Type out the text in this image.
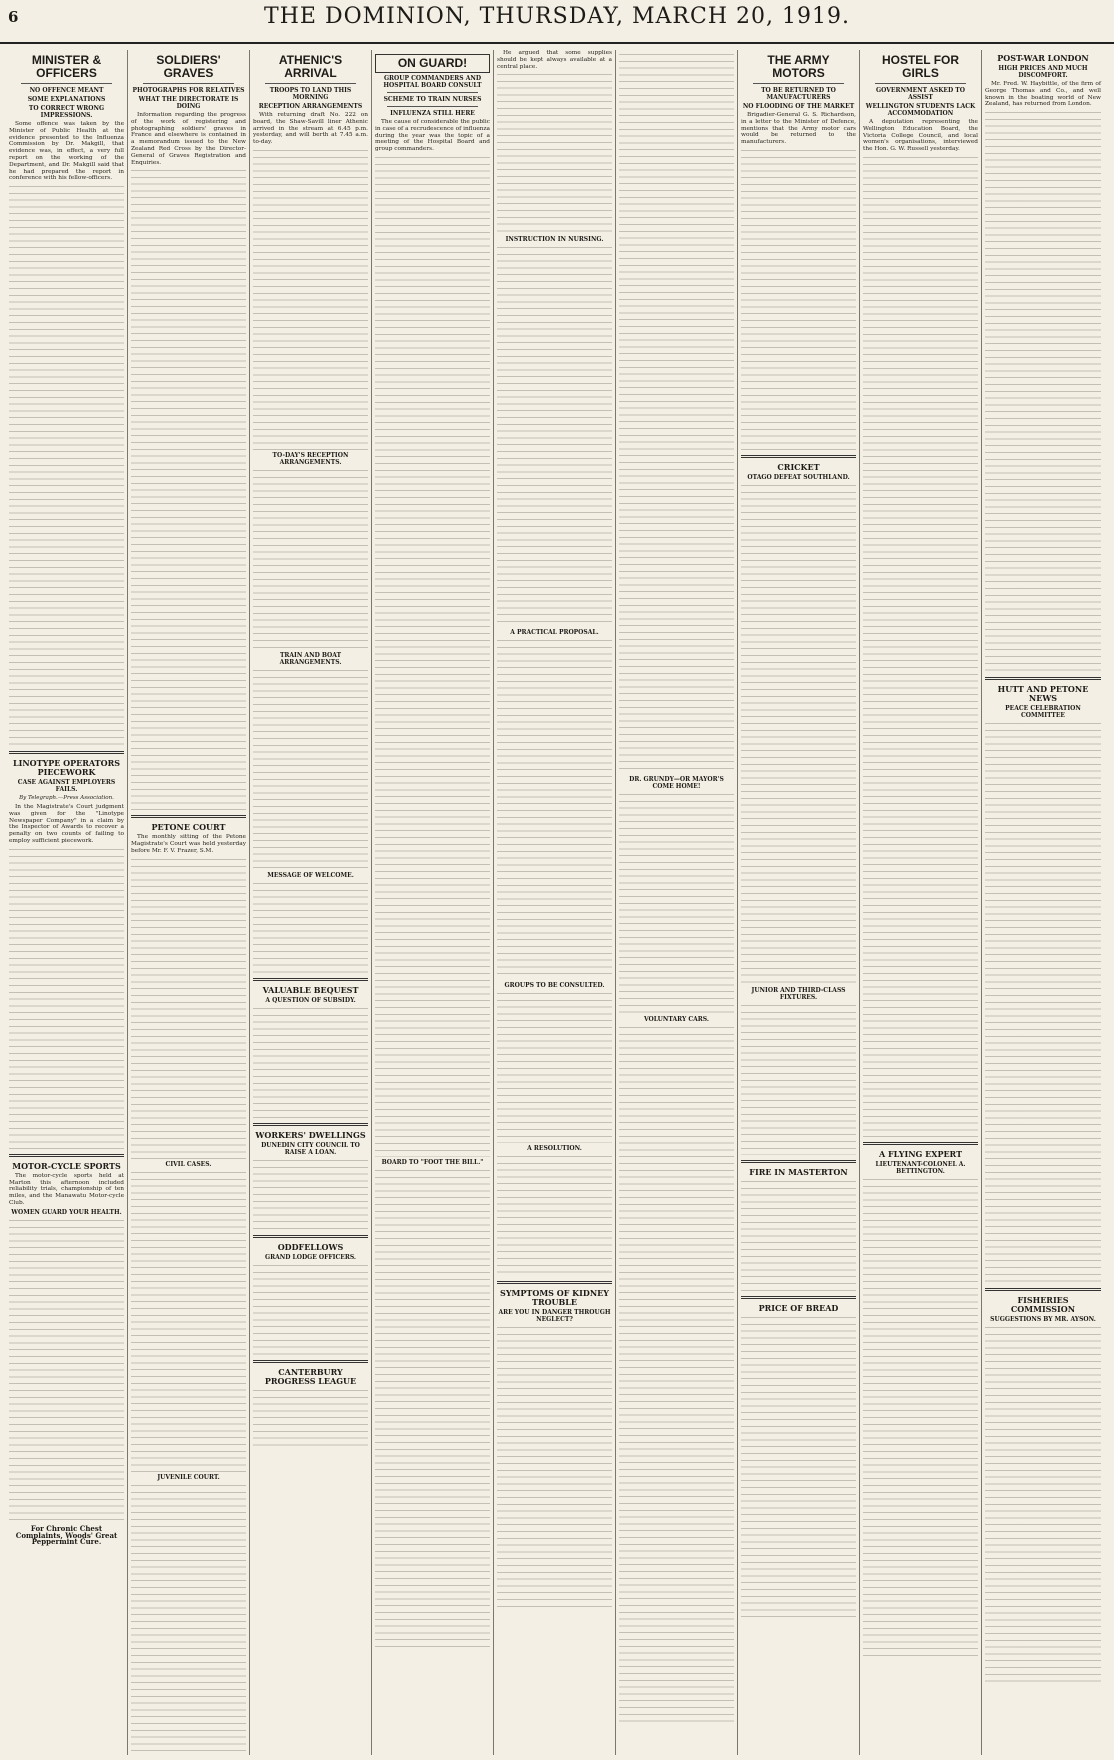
6	THE DOMINION, THURSDAY, MARCH 20, 1919.
MINISTER & OFFICERS
NO OFFENCE MEANT
SOME EXPLANATIONS
TO CORRECT WRONG IMPRESSIONS.
Some offence was taken by the Minister of Public Health at the evidence presented to the Influenza Commission by Dr. Makgill, that evidence was, in effect, a very full report on the working of the Department, and Dr. Makgill said that he had prepared the report in conference with his fellow-officers.
LINOTYPE OPERATORS PIECEWORK
CASE AGAINST EMPLOYERS FAILS.
By Telegraph.—Press Association.
In the Magistrate's Court judgment was given for the "Linotype Newspaper Company" in a claim by the Inspector of Awards to recover a penalty on two counts of failing to employ sufficient piecework.
MOTOR-CYCLE SPORTS
The motor-cycle sports held at Marton this afternoon included reliability trials, championship of ten miles, and the Manawatu Motor-cycle Club.
WOMEN GUARD YOUR HEALTH.
For Chronic Chest Complaints, Woods' Great Peppermint Cure.
SOLDIERS' GRAVES
PHOTOGRAPHS FOR RELATIVES
WHAT THE DIRECTORATE IS DOING
Information regarding the progress of the work of registering and photographing soldiers' graves in France and elsewhere is contained in a memorandum issued to the New Zealand Red Cross by the Director-General of Graves Registration and Enquiries.
PETONE COURT
The monthly sitting of the Petone Magistrate's Court was held yesterday before Mr. F. V. Frazer, S.M.
CIVIL CASES.
JUVENILE COURT.
ATHENIC'S ARRIVAL
TROOPS TO LAND THIS MORNING
RECEPTION ARRANGEMENTS
With returning draft No. 222 on board, the Shaw-Savill liner Athenic arrived in the stream at 6.45 p.m. yesterday, and will berth at 7.45 a.m. to-day.
TO-DAY'S RECEPTION ARRANGEMENTS.
TRAIN AND BOAT ARRANGEMENTS.
MESSAGE OF WELCOME.
VALUABLE BEQUEST
A QUESTION OF SUBSIDY.
WORKERS' DWELLINGS
DUNEDIN CITY COUNCIL TO RAISE A LOAN.
ODDFELLOWS
GRAND LODGE OFFICERS.
CANTERBURY PROGRESS LEAGUE
ON GUARD!
GROUP COMMANDERS AND HOSPITAL BOARD CONSULT
SCHEME TO TRAIN NURSES
INFLUENZA STILL HERE
The cause of considerable the public in case of a recrudescence of influenza during the year was the topic of a meeting of the Hospital Board and group commanders.
BOARD TO "FOOT THE BILL."
He argued that some supplies should be kept always available at a central place.
INSTRUCTION IN NURSING.
A PRACTICAL PROPOSAL.
GROUPS TO BE CONSULTED.
A RESOLUTION.
SYMPTOMS OF KIDNEY TROUBLE
ARE YOU IN DANGER THROUGH NEGLECT?
DR. GRUNDY—OR MAYOR'S COME HOME!
VOLUNTARY CARS.
THE ARMY MOTORS
TO BE RETURNED TO MANUFACTURERS
NO FLOODING OF THE MARKET
Brigadier-General G. S. Richardson, in a letter to the Minister of Defence, mentions that the Army motor cars would be returned to the manufacturers.
CRICKET
OTAGO DEFEAT SOUTHLAND.
JUNIOR AND THIRD-CLASS FIXTURES.
FIRE IN MASTERTON
PRICE OF BREAD
HOSTEL FOR GIRLS
GOVERNMENT ASKED TO ASSIST
WELLINGTON STUDENTS LACK ACCOMMODATION
A deputation representing the Wellington Education Board, the Victoria College Council, and local women's organisations, interviewed the Hon. G. W. Russell yesterday.
A FLYING EXPERT
LIEUTENANT-COLONEL A. BETTINGTON.
POST-WAR LONDON
HIGH PRICES AND MUCH DISCOMFORT.
Mr. Fred. W. Haybittle, of the firm of George Thomas and Co., and well known in the boating world of New Zealand, has returned from London.
HUTT AND PETONE NEWS
PEACE CELEBRATION COMMITTEE
FISHERIES COMMISSION
SUGGESTIONS BY MR. AYSON.
